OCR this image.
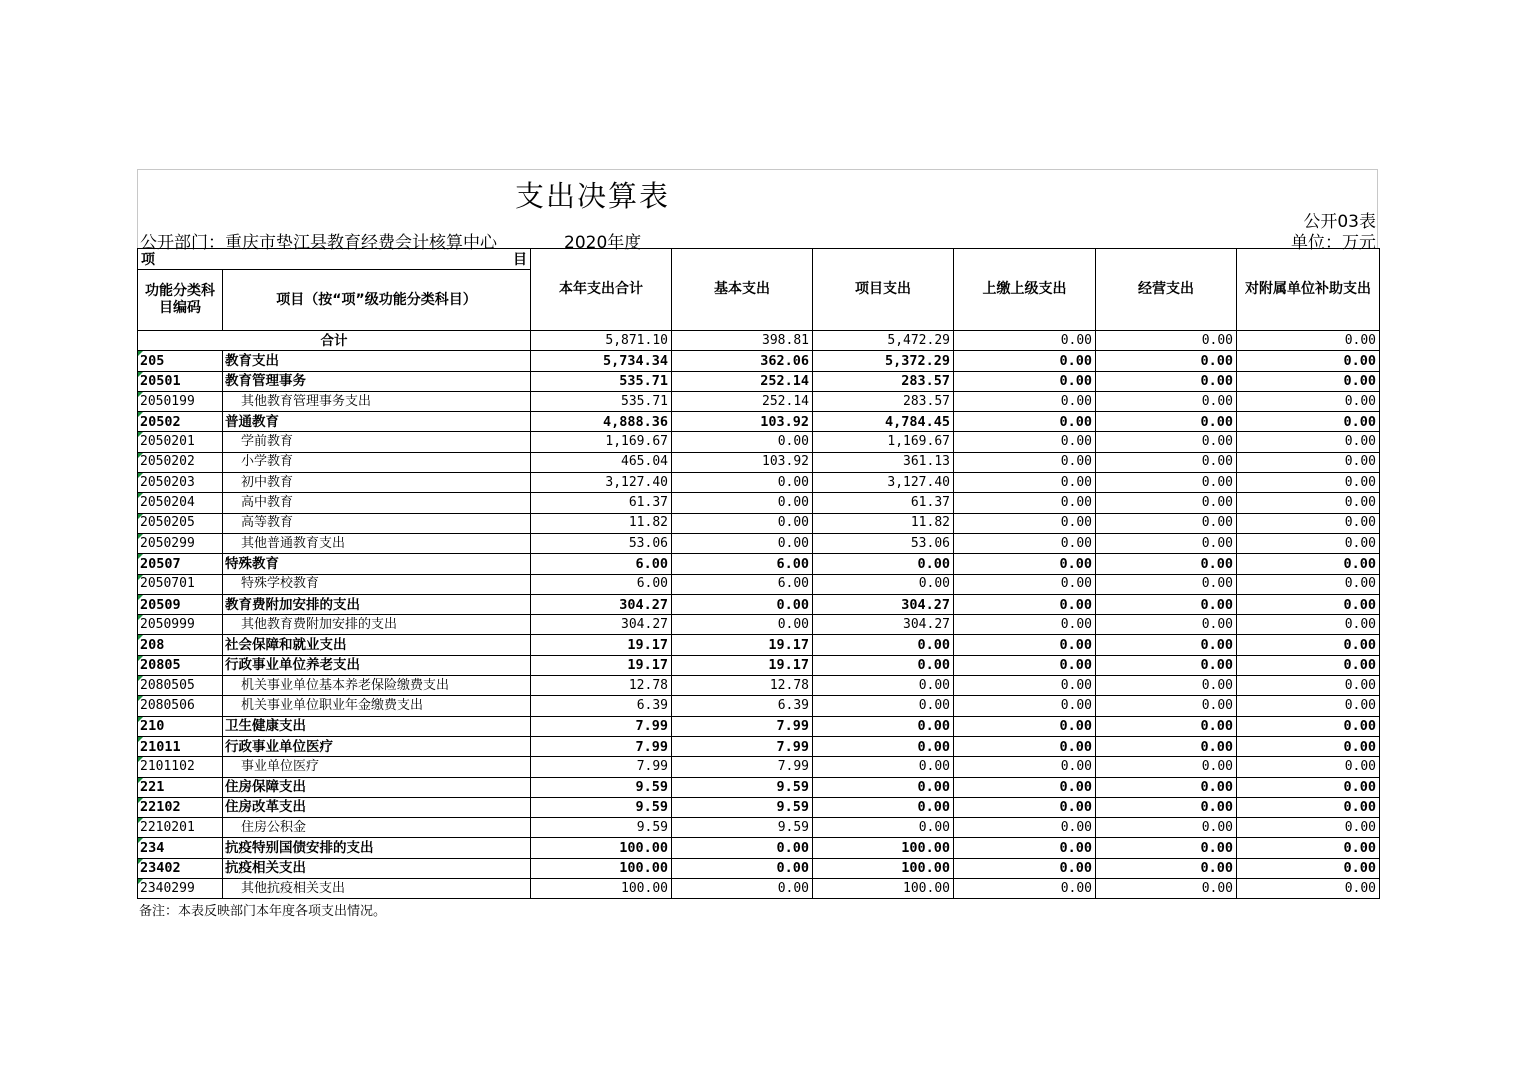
支出决算表
公开03表
公开部门：重庆市垫江县教育经费会计核算中心	2020年度	单位：万元
项 目		本年支出合计	基本支出	项目支出	上缴上级支出	经营支出	对附属单位补助支出
功能分类科目编码	项目（按“项”级功能分类科目）						
合计		5,871.10	398.81	5,472.29	0.00	0.00	0.00
205	教育支出	5,734.34	362.06	5,372.29	0.00	0.00	0.00
20501	教育管理事务	535.71	252.14	283.57	0.00	0.00	0.00
2050199	其他教育管理事务支出	535.71	252.14	283.57	0.00	0.00	0.00
20502	普通教育	4,888.36	103.92	4,784.45	0.00	0.00	0.00
2050201	学前教育	1,169.67	0.00	1,169.67	0.00	0.00	0.00
2050202	小学教育	465.04	103.92	361.13	0.00	0.00	0.00
2050203	初中教育	3,127.40	0.00	3,127.40	0.00	0.00	0.00
2050204	高中教育	61.37	0.00	61.37	0.00	0.00	0.00
2050205	高等教育	11.82	0.00	11.82	0.00	0.00	0.00
2050299	其他普通教育支出	53.06	0.00	53.06	0.00	0.00	0.00
20507	特殊教育	6.00	6.00	0.00	0.00	0.00	0.00
2050701	特殊学校教育	6.00	6.00	0.00	0.00	0.00	0.00
20509	教育费附加安排的支出	304.27	0.00	304.27	0.00	0.00	0.00
2050999	其他教育费附加安排的支出	304.27	0.00	304.27	0.00	0.00	0.00
208	社会保障和就业支出	19.17	19.17	0.00	0.00	0.00	0.00
20805	行政事业单位养老支出	19.17	19.17	0.00	0.00	0.00	0.00
2080505	机关事业单位基本养老保险缴费支出	12.78	12.78	0.00	0.00	0.00	0.00
2080506	机关事业单位职业年金缴费支出	6.39	6.39	0.00	0.00	0.00	0.00
210	卫生健康支出	7.99	7.99	0.00	0.00	0.00	0.00
21011	行政事业单位医疗	7.99	7.99	0.00	0.00	0.00	0.00
2101102	事业单位医疗	7.99	7.99	0.00	0.00	0.00	0.00
221	住房保障支出	9.59	9.59	0.00	0.00	0.00	0.00
22102	住房改革支出	9.59	9.59	0.00	0.00	0.00	0.00
2210201	住房公积金	9.59	9.59	0.00	0.00	0.00	0.00
234	抗疫特别国债安排的支出	100.00	0.00	100.00	0.00	0.00	0.00
23402	抗疫相关支出	100.00	0.00	100.00	0.00	0.00	0.00
2340299	其他抗疫相关支出	100.00	0.00	100.00	0.00	0.00	0.00
备注：本表反映部门本年度各项支出情况。
